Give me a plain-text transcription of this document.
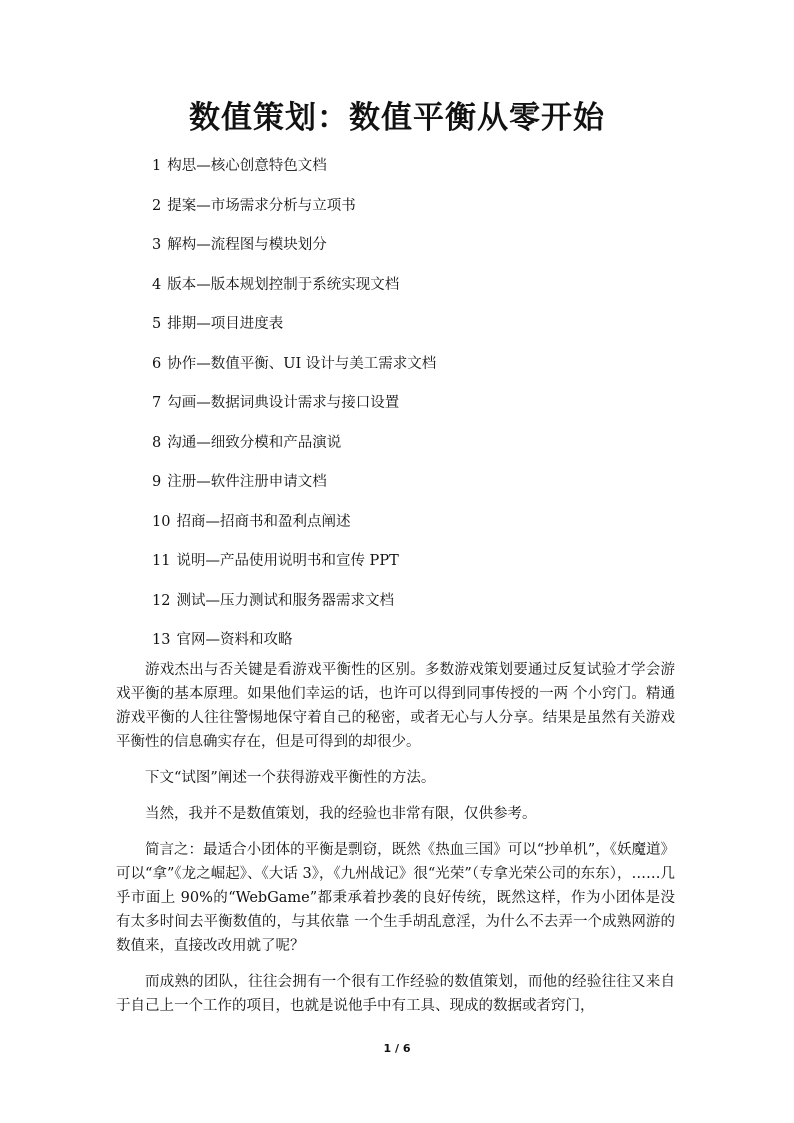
数值策划：数值平衡从零开始
1 构思—核心创意特色文档
2 提案—市场需求分析与立项书
3 解构—流程图与模块划分
4 版本—版本规划控制于系统实现文档
5 排期—项目进度表
6 协作—数值平衡、UI 设计与美工需求文档
7 勾画—数据词典设计需求与接口设置
8 沟通—细致分模和产品演说
9 注册—软件注册申请文档
10 招商—招商书和盈利点阐述
11 说明—产品使用说明书和宣传 PPT
12 测试—压力测试和服务器需求文档
13 官网—资料和攻略

游戏杰出与否关键是看游戏平衡性的区别。多数游戏策划要通过反复试验才学会游戏平衡的基本原理。如果他们幸运的话，也许可以得到同事传授的一两 个小窍门。精通游戏平衡的人往往警惕地保守着自己的秘密，或者无心与人分享。结果是虽然有关游戏平衡性的信息确实存在，但是可得到的却很少。

下文“试图”阐述一个获得游戏平衡性的方法。

当然，我并不是数值策划，我的经验也非常有限，仅供参考。

简言之：最适合小团体的平衡是剽窃，既然《热血三国》可以“抄单机”，《妖魔道》可以“拿”《龙之崛起》、《大话 3》，《九州战记》很“光荣”（专拿光荣公司的东东），……几乎市面上 90%的“WebGame”都秉承着抄袭的良好传统，既然这样，作为小团体是没有太多时间去平衡数值的，与其依靠 一个生手胡乱意淫，为什么不去弄一个成熟网游的数值来，直接改改用就了呢？

而成熟的团队，往往会拥有一个很有工作经验的数值策划，而他的经验往往又来自于自己上一个工作的项目，也就是说他手中有工具、现成的数据或者窍门，

1 / 6
